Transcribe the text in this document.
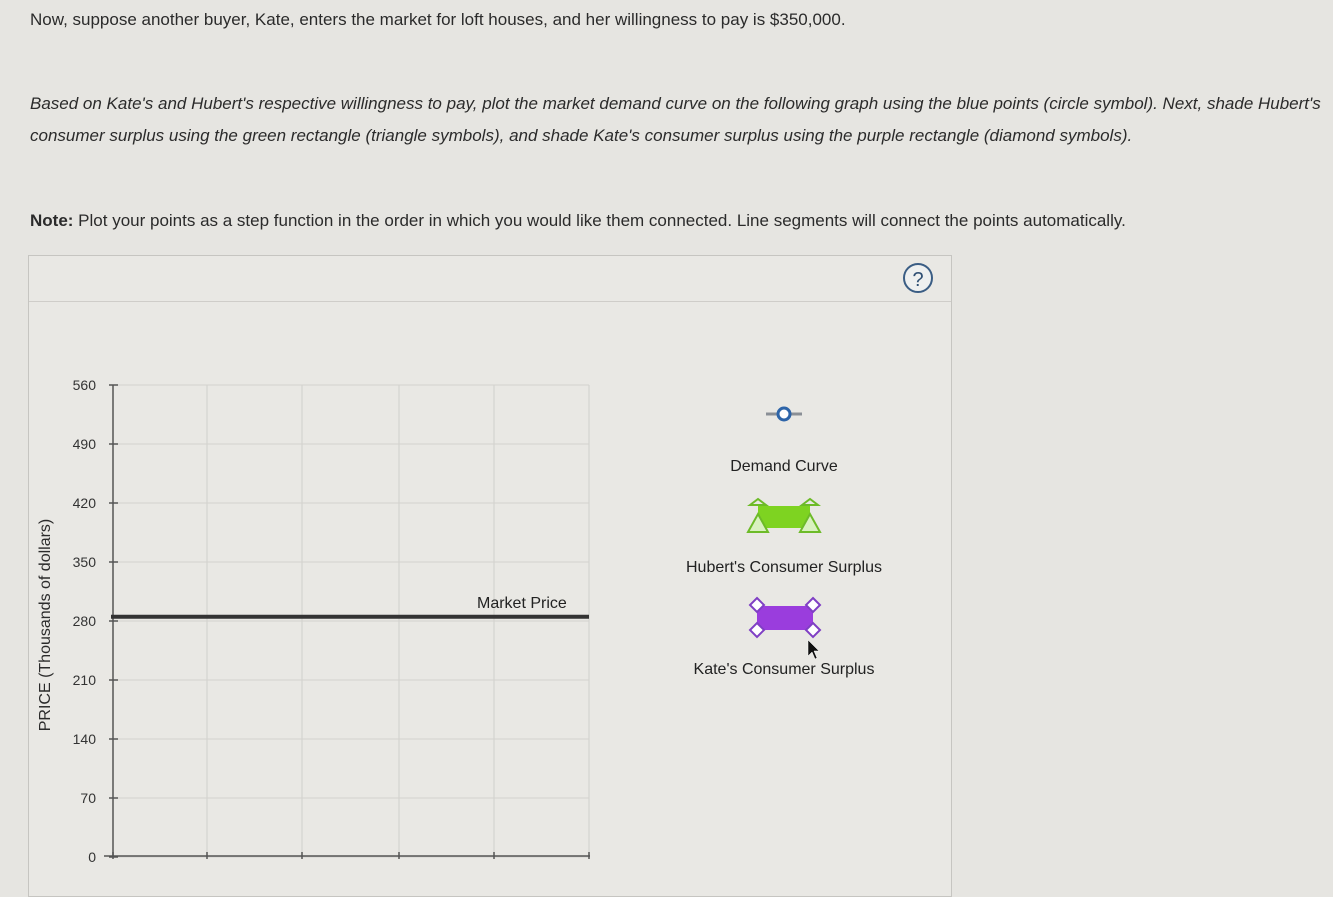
Now, suppose another buyer, Kate, enters the market for loft houses, and her willingness to pay is $350,000.

Based on Kate's and Hubert's respective willingness to pay, plot the market demand curve on the following graph using the blue points (circle symbol). Next, shade Hubert's consumer surplus using the green rectangle (triangle symbols), and shade Kate's consumer surplus using the purple rectangle (diamond symbols).

Note: Plot your points as a step function in the order in which you would like them connected. Line segments will connect the points automatically.

?
PRICE (Thousands of dollars)
0
70
140
210
280
350
420
490
560
Market Price
Demand Curve
Hubert's Consumer Surplus
Kate's Consumer Surplus
